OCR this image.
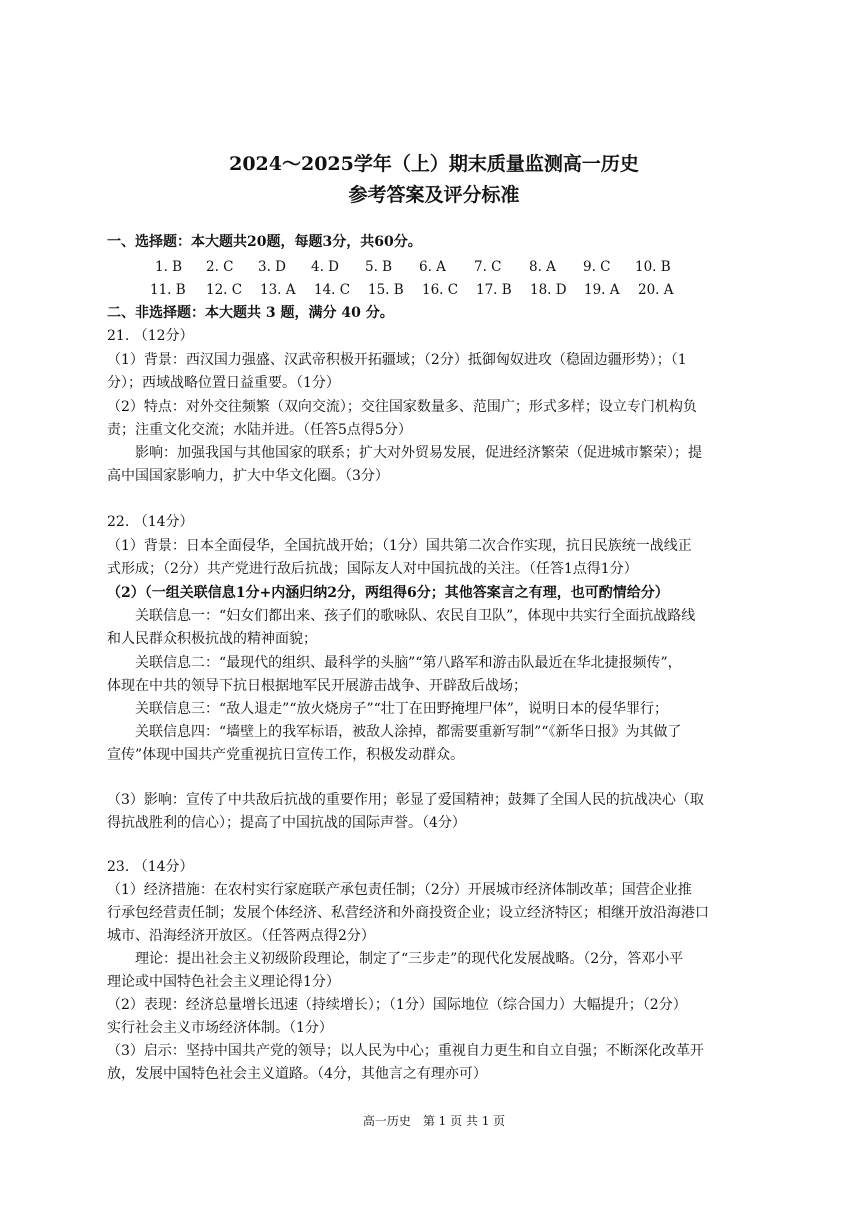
2024～2025学年（上）期末质量监测高一历史
参考答案及评分标准
一、选择题：本大题共20题，每题3分，共60分。
1. B 2. C 3. D 4. D 5. B 6. A 7. C 8. A 9. C 10. B
11. B 12. C 13. A 14. C 15. B 16. C 17. B 18. D 19. A 20. A
二、非选择题：本大题共 3 题，满分 40 分。
21. （12分）
（1）背景：西汉国力强盛、汉武帝积极开拓疆域；（2分）抵御匈奴进攻（稳固边疆形势）；（1
分）；西域战略位置日益重要。（1分）
（2）特点：对外交往频繁（双向交流）；交往国家数量多、范围广；形式多样；设立专门机构负
责；注重文化交流；水陆并进。（任答5点得5分）
　　影响：加强我国与其他国家的联系；扩大对外贸易发展，促进经济繁荣（促进城市繁荣）；提
高中国国家影响力，扩大中华文化圈。（3分）
22. （14分）
（1）背景：日本全面侵华，全国抗战开始；（1分）国共第二次合作实现，抗日民族统一战线正
式形成；（2分）共产党进行敌后抗战；国际友人对中国抗战的关注。（任答1点得1分）
（2）（一组关联信息1分+内涵归纳2分，两组得6分；其他答案言之有理，也可酌情给分）
　　关联信息一：“妇女们都出来、孩子们的歌咏队、农民自卫队”，体现中共实行全面抗战路线
和人民群众积极抗战的精神面貌；
　　关联信息二：“最现代的组织、最科学的头脑”“第八路军和游击队最近在华北捷报频传”，
体现在中共的领导下抗日根据地军民开展游击战争、开辟敌后战场；
　　关联信息三：“敌人退走”“放火烧房子”“壮丁在田野掩埋尸体”，说明日本的侵华罪行；
　　关联信息四：“墙壁上的我军标语，被敌人涂掉，都需要重新写制”“《新华日报》为其做了
宣传”体现中国共产党重视抗日宣传工作，积极发动群众。
（3）影响：宣传了中共敌后抗战的重要作用；彰显了爱国精神；鼓舞了全国人民的抗战决心（取
得抗战胜利的信心）；提高了中国抗战的国际声誉。（4分）
23. （14分）
（1）经济措施：在农村实行家庭联产承包责任制；（2分）开展城市经济体制改革；国营企业推
行承包经营责任制；发展个体经济、私营经济和外商投资企业；设立经济特区；相继开放沿海港口
城市、沿海经济开放区。（任答两点得2分）
　　理论：提出社会主义初级阶段理论，制定了“三步走”的现代化发展战略。（2分，答邓小平
理论或中国特色社会主义理论得1分）
（2）表现：经济总量增长迅速（持续增长）；（1分）国际地位（综合国力）大幅提升；（2分）
实行社会主义市场经济体制。（1分）
（3）启示：坚持中国共产党的领导；以人民为中心；重视自力更生和自立自强；不断深化改革开
放，发展中国特色社会主义道路。（4分，其他言之有理亦可）
高一历史　第 1 页 共 1 页
